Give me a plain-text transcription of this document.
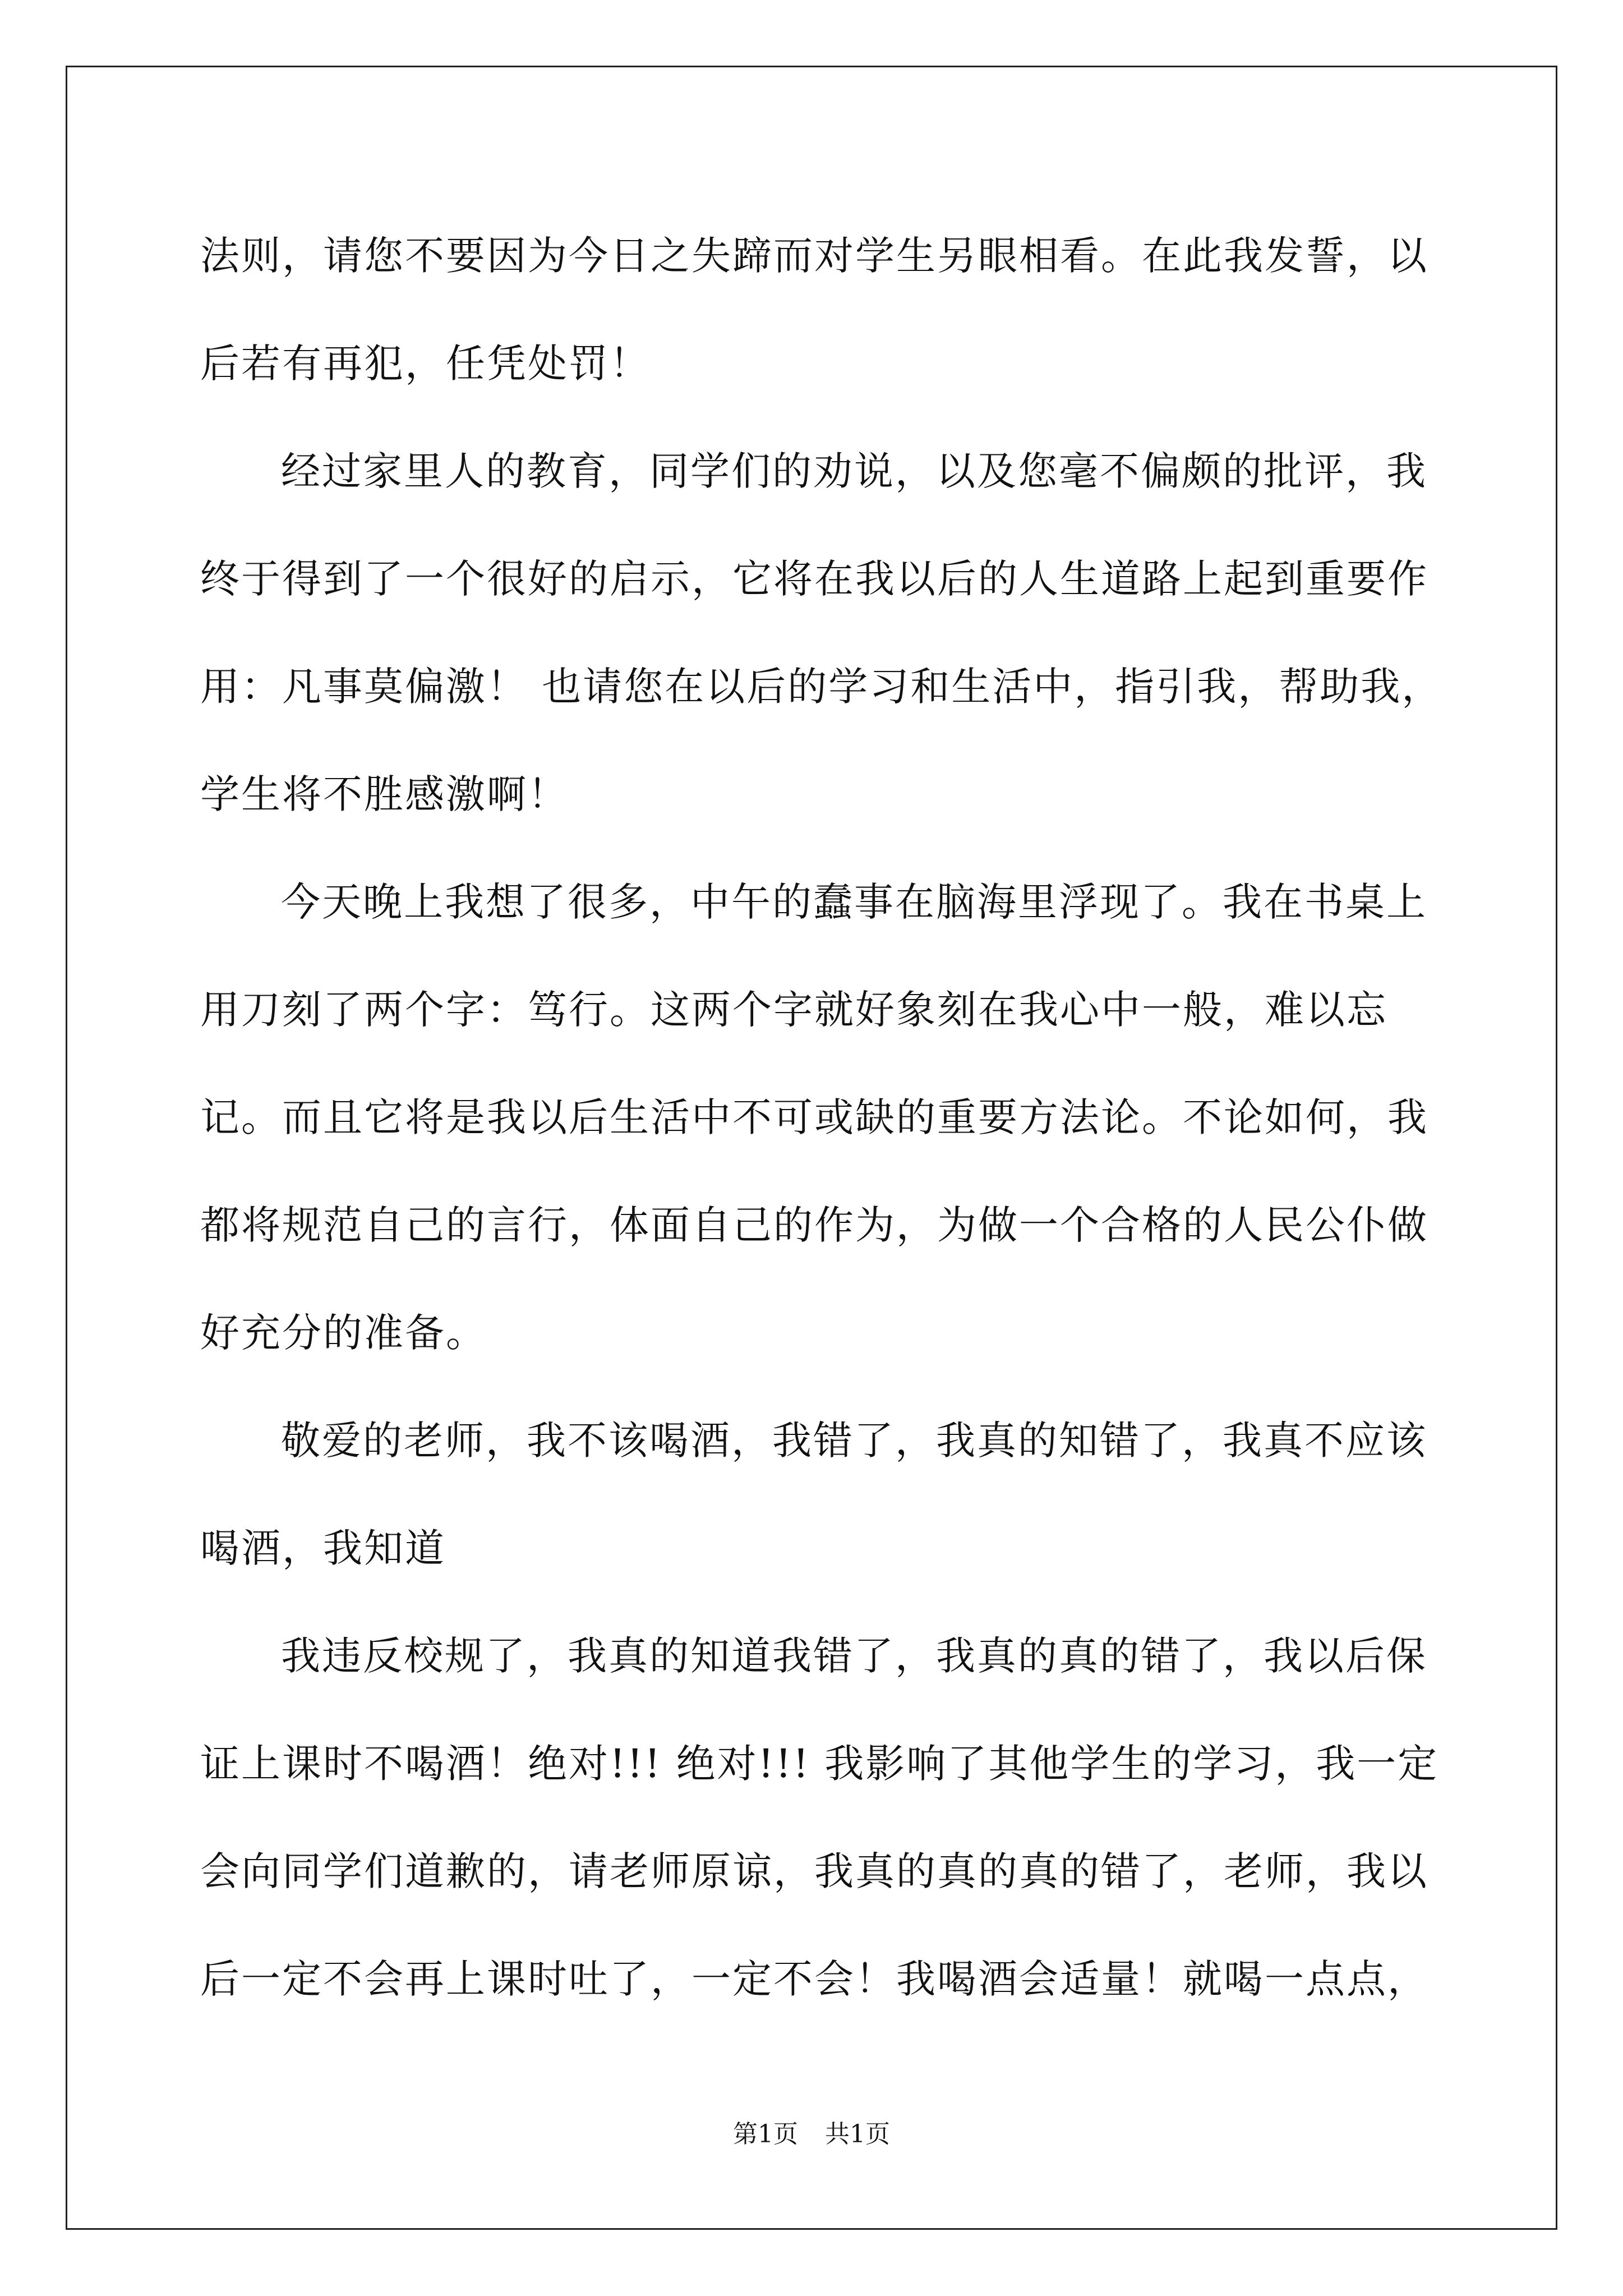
法则，请您不要因为今日之失蹄而对学生另眼相看。在此我发誓，以后若有再犯，任凭处罚！

经过家里人的教育，同学们的劝说，以及您毫不偏颇的批评，我终于得到了一个很好的启示，它将在我以后的人生道路上起到重要作用：凡事莫偏激！ 也请您在以后的学习和生活中，指引我，帮助我，学生将不胜感激啊！

今天晚上我想了很多，中午的蠢事在脑海里浮现了。我在书桌上用刀刻了两个字：笃行。这两个字就好象刻在我心中一般，难以忘记。而且它将是我以后生活中不可或缺的重要方法论。不论如何，我都将规范自己的言行，体面自己的作为，为做一个合格的人民公仆做好充分的准备。

敬爱的老师，我不该喝酒，我错了，我真的知错了，我真不应该喝酒，我知道

我违反校规了，我真的知道我错了，我真的真的错了，我以后保证上课时不喝酒！绝对!!! 绝对!!! 我影响了其他学生的学习，我一定会向同学们道歉的，请老师原谅，我真的真的真的错了，老师，我以后一定不会再上课时吐了，一定不会！我喝酒会适量！就喝一点点，

第1页 共1页
